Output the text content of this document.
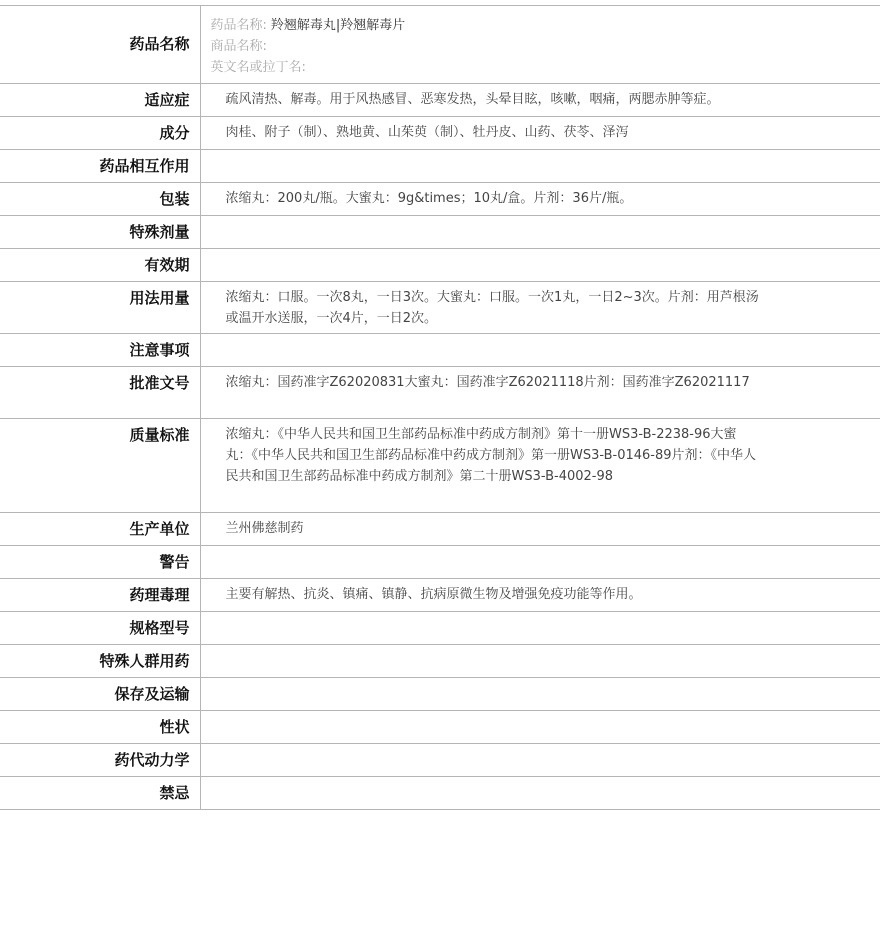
药品名称	药品名称: 羚翘解毒丸|羚翘解毒片
商品名称:
英文名或拉丁名:

适应症	疏风清热、解毒。用于风热感冒、恶寒发热，头晕目眩，咳嗽，咽痛，两腮赤肿等症。
成分	肉桂、附子（制）、熟地黄、山茱萸（制）、牡丹皮、山药、茯苓、泽泻
药品相互作用	
包装	浓缩丸：200丸/瓶。大蜜丸：9g&times；10丸/盒。片剂：36片/瓶。
特殊剂量	
有效期	
用法用量	浓缩丸：口服。一次8丸，一日3次。大蜜丸：口服。一次1丸，一日2~3次。片剂：用芦根汤或温开水送服，一次4片，一日2次。
注意事项	
批准文号	浓缩丸：国药准字Z62020831大蜜丸：国药准字Z62021118片剂：国药准字Z62021117
质量标准	浓缩丸：《中华人民共和国卫生部药品标准中药成方制剂》第十一册WS3-B-2238-96大蜜丸：《中华人民共和国卫生部药品标准中药成方制剂》第一册WS3-B-0146-89片剂：《中华人民共和国卫生部药品标准中药成方制剂》第二十册WS3-B-4002-98
生产单位	兰州佛慈制药
警告	
药理毒理	主要有解热、抗炎、镇痛、镇静、抗病原微生物及增强免疫功能等作用。
规格型号	
特殊人群用药	
保存及运输	
性状	
药代动力学	
禁忌	
